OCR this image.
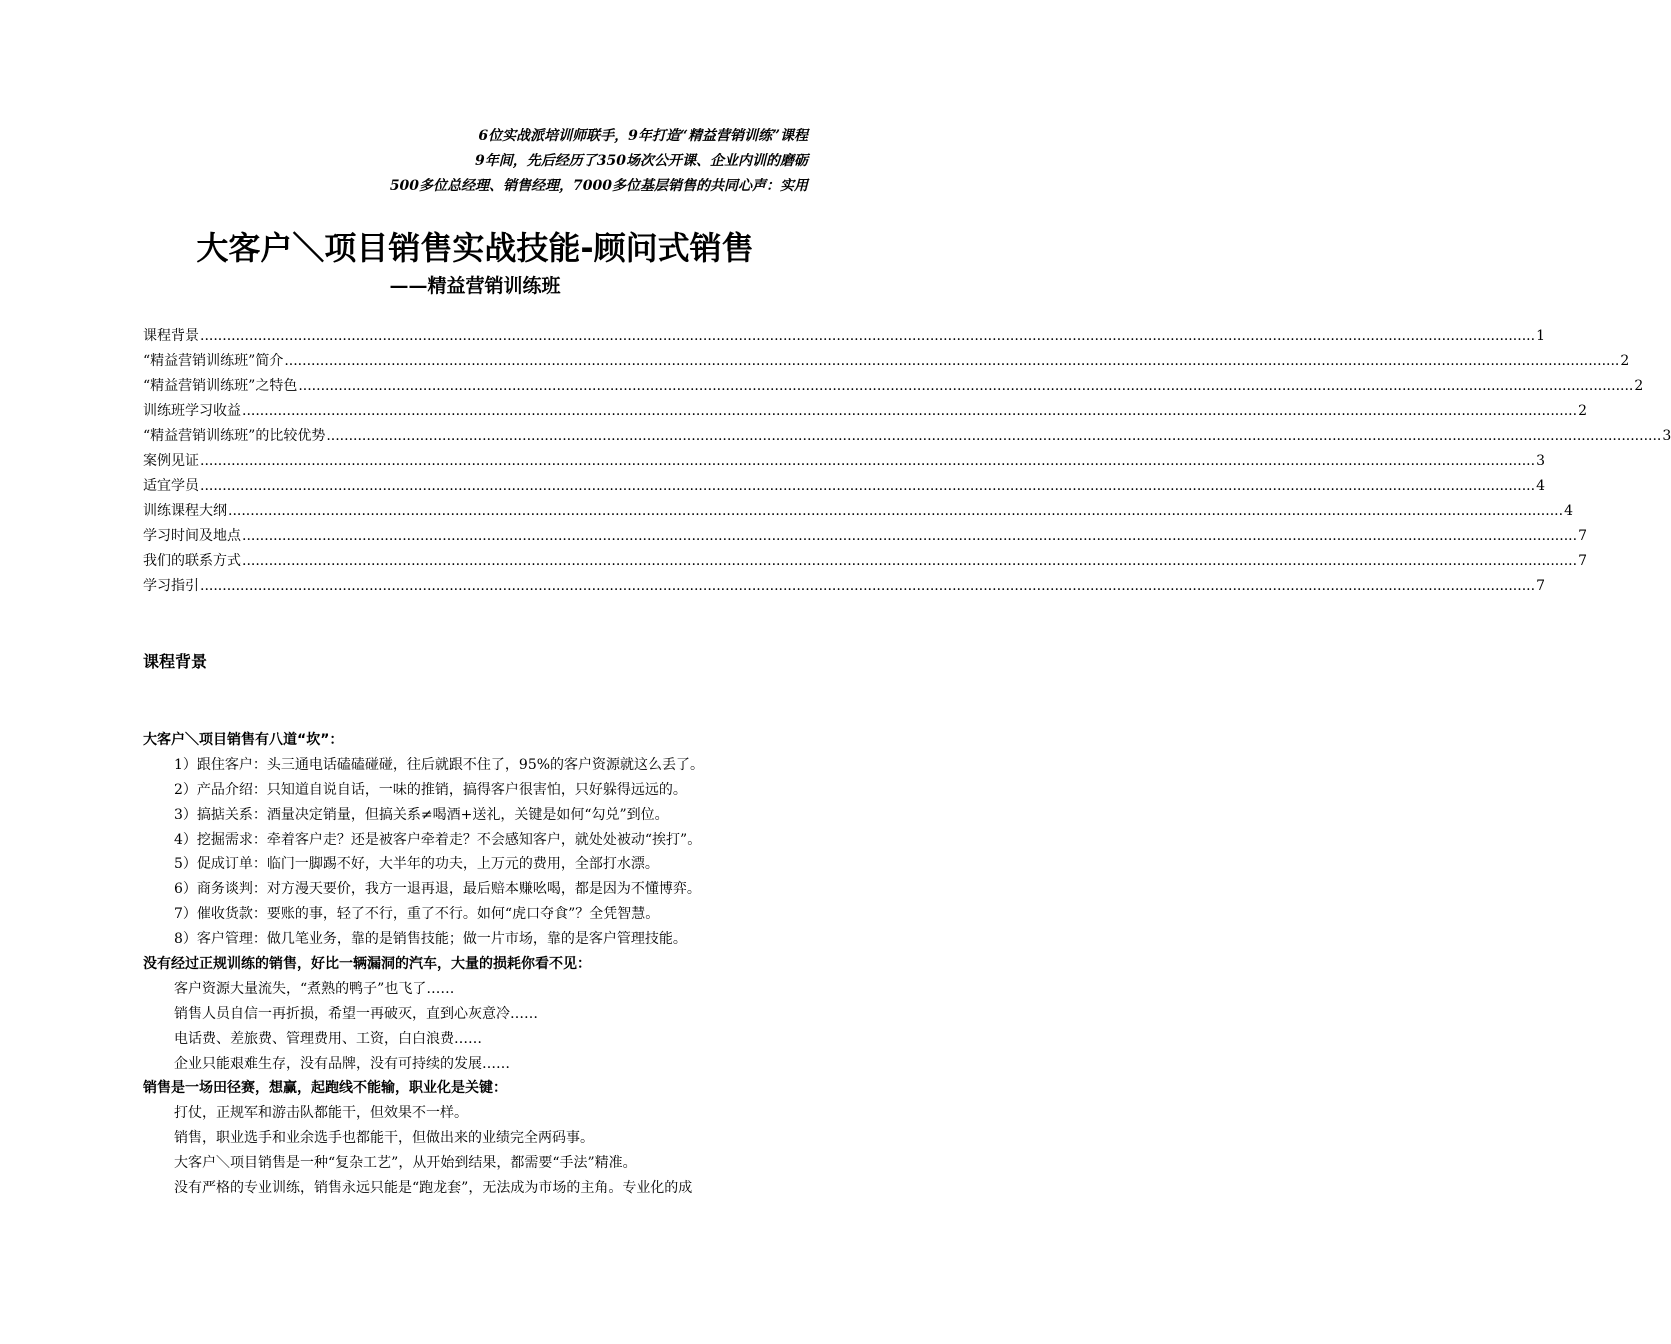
6位实战派培训师联手，9年打造“精益营销训练”课程
9年间，先后经历了350场次公开课、企业内训的磨砺
500多位总经理、销售经理，7000多位基层销售的共同心声：实用
大客户＼项目销售实战技能-顾问式销售
——精益营销训练班
课程背景 ............................................................................................................................................................................................................................................................................................................ 1
“精益营销训练班”简介 ............................................................................................................................................................................................................................................................................................................ 2
“精益营销训练班”之特色 ............................................................................................................................................................................................................................................................................................................ 2
训练班学习收益 ............................................................................................................................................................................................................................................................................................................ 2
“精益营销训练班”的比较优势 ............................................................................................................................................................................................................................................................................................................ 3
案例见证 ............................................................................................................................................................................................................................................................................................................ 3
适宜学员 ............................................................................................................................................................................................................................................................................................................ 4
训练课程大纲 ............................................................................................................................................................................................................................................................................................................ 4
学习时间及地点 ............................................................................................................................................................................................................................................................................................................ 7
我们的联系方式 ............................................................................................................................................................................................................................................................................................................ 7
学习指引 ............................................................................................................................................................................................................................................................................................................ 7
课程背景
大客户＼项目销售有八道“坎”：
1）跟住客户：头三通电话磕磕碰碰，往后就跟不住了，95%的客户资源就这么丢了。
2）产品介绍：只知道自说自话，一味的推销，搞得客户很害怕，只好躲得远远的。
3）搞掂关系：酒量决定销量，但搞关系≠喝酒+送礼，关键是如何“勾兑”到位。
4）挖掘需求：牵着客户走？还是被客户牵着走？不会感知客户，就处处被动“挨打”。
5）促成订单：临门一脚踢不好，大半年的功夫，上万元的费用，全部打水漂。
6）商务谈判：对方漫天要价，我方一退再退，最后赔本赚吆喝，都是因为不懂博弈。
7）催收货款：要账的事，轻了不行，重了不行。如何“虎口夺食”？全凭智慧。
8）客户管理：做几笔业务，靠的是销售技能；做一片市场，靠的是客户管理技能。
没有经过正规训练的销售，好比一辆漏洞的汽车，大量的损耗你看不见：
客户资源大量流失，“煮熟的鸭子”也飞了……
销售人员自信一再折损，希望一再破灭，直到心灰意冷……
电话费、差旅费、管理费用、工资，白白浪费……
企业只能艰难生存，没有品牌，没有可持续的发展……
销售是一场田径赛，想赢，起跑线不能输，职业化是关键：
打仗，正规军和游击队都能干，但效果不一样。
销售，职业选手和业余选手也都能干，但做出来的业绩完全两码事。
大客户＼项目销售是一种“复杂工艺”，从开始到结果，都需要“手法”精准。
没有严格的专业训练，销售永远只能是“跑龙套”，无法成为市场的主角。专业化的成
